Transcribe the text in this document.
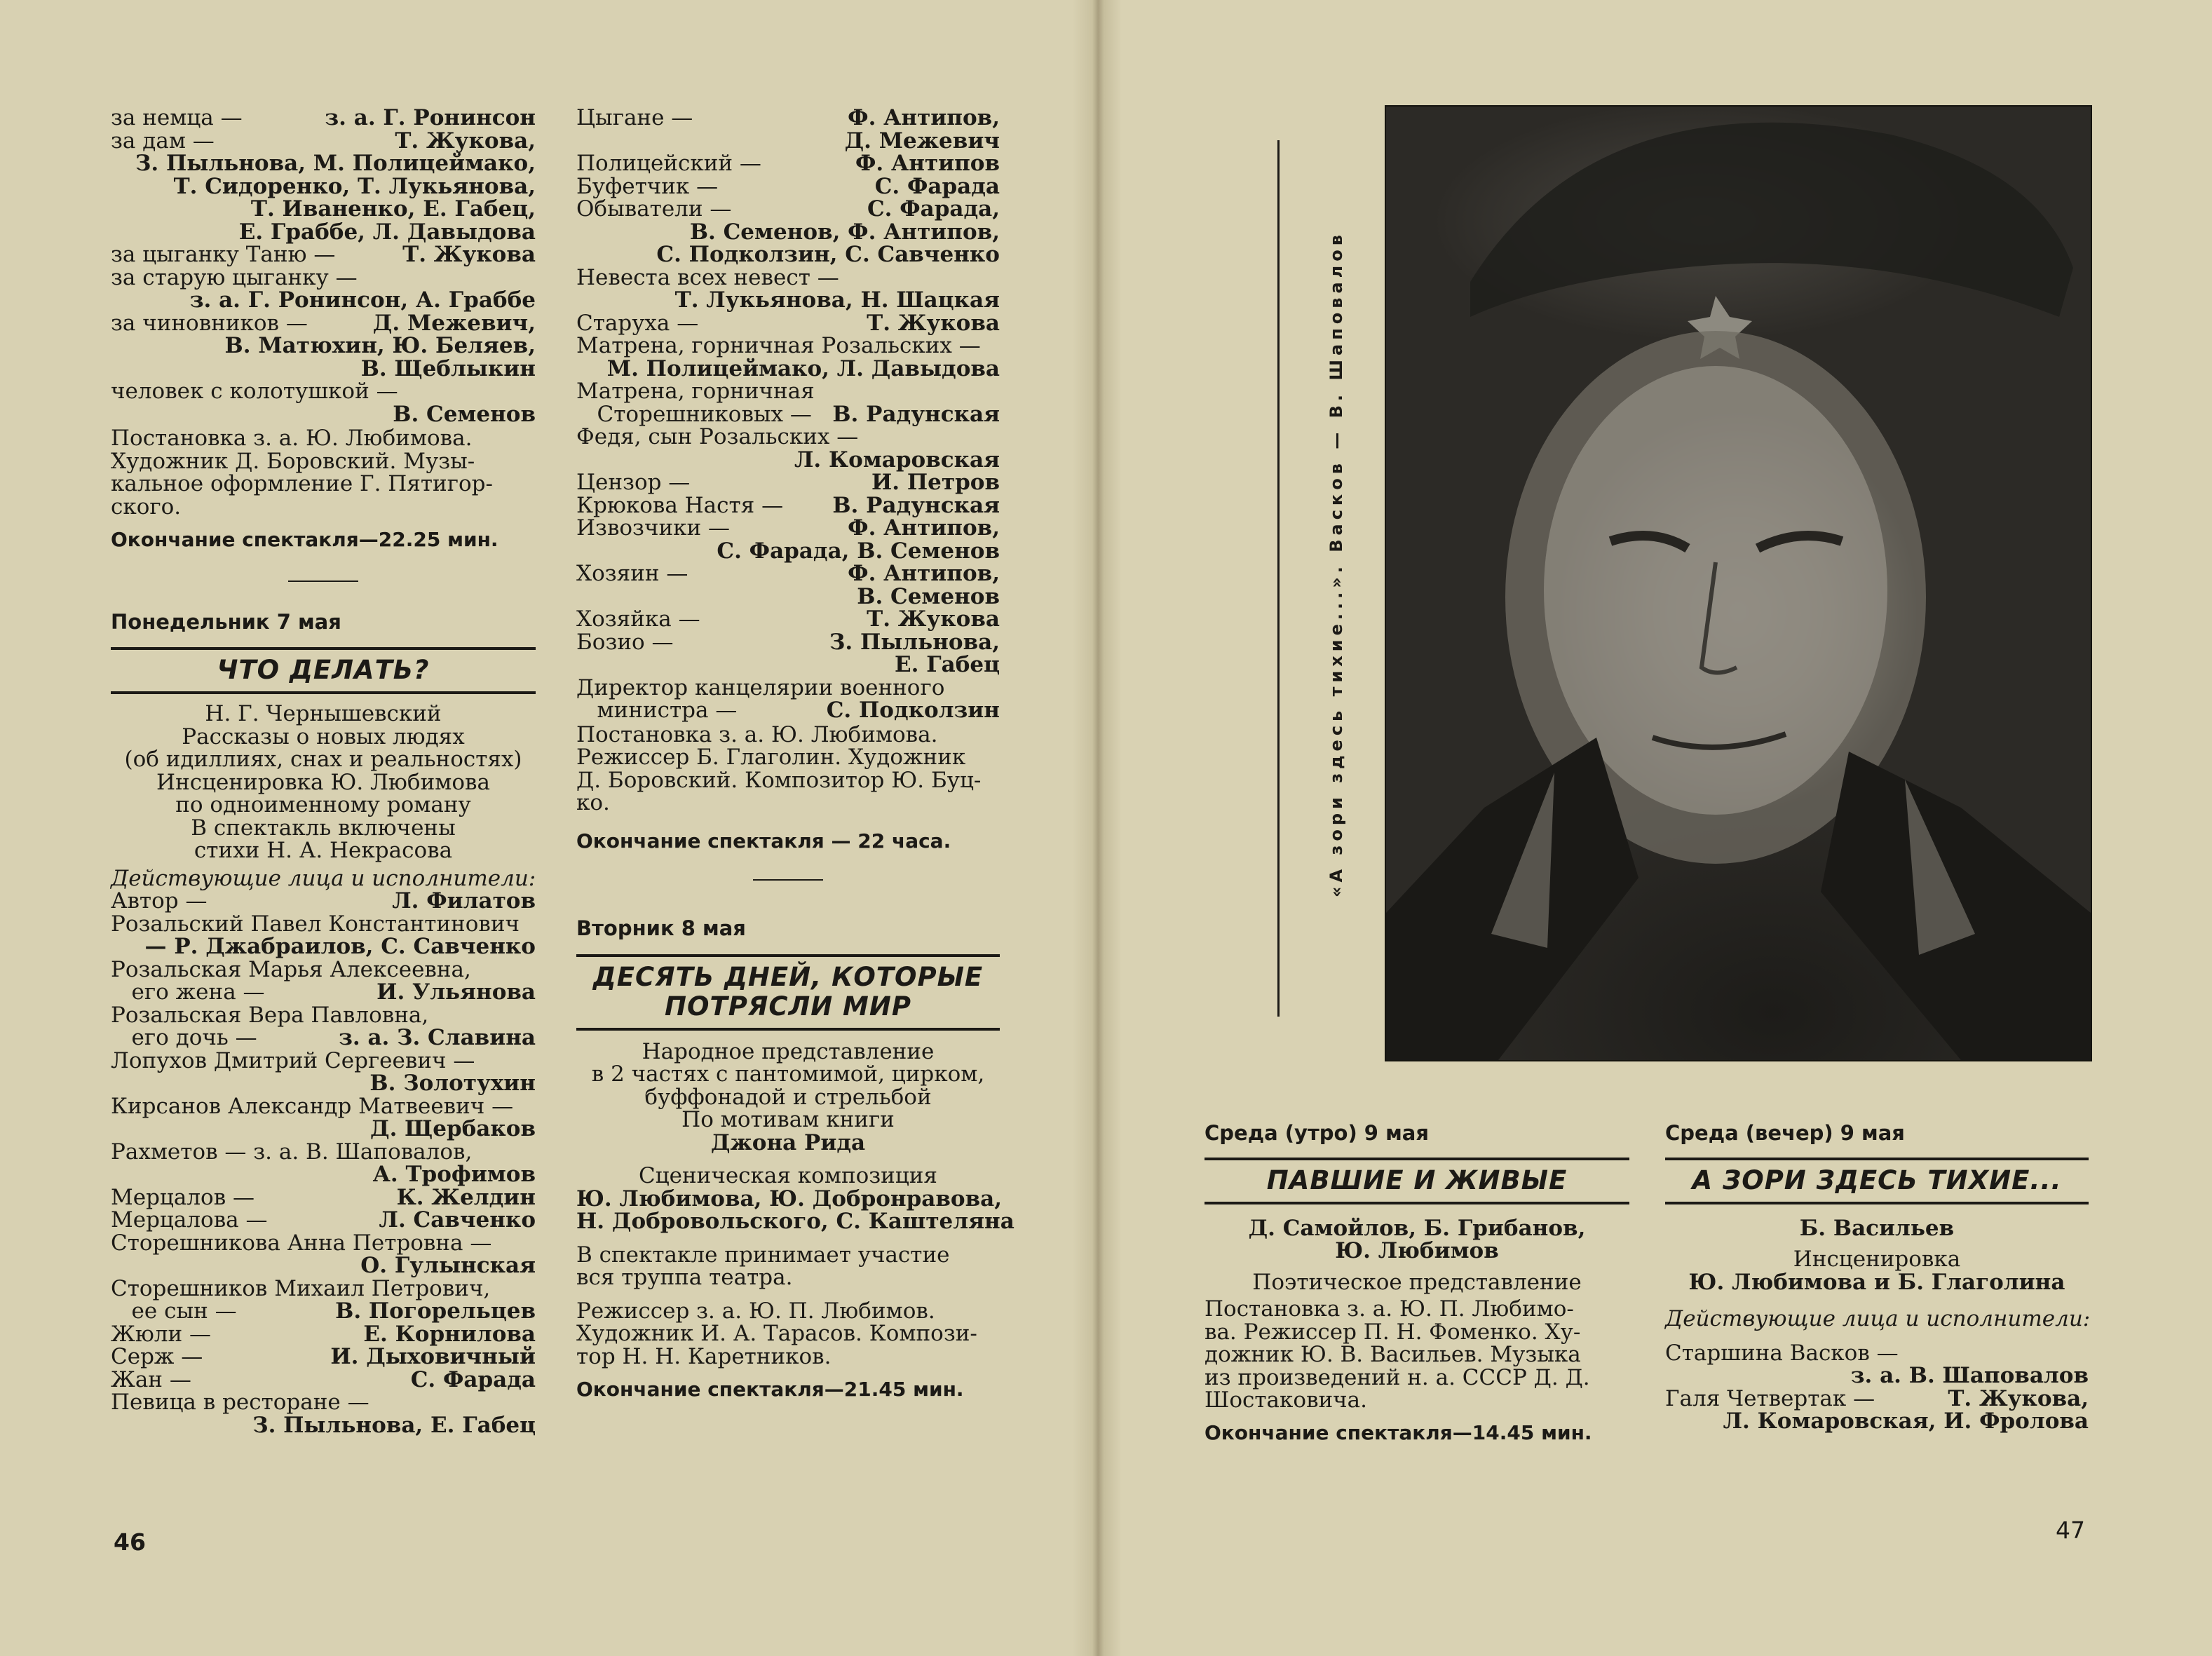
за немца —	з. а. Г. Ронинсон
за дам —	Т. Жукова,
З. Пыльнова, М. Полицеймако,
Т. Сидоренко, Т. Лукьянова,
Т. Иваненко, Е. Габец,
Е. Граббе, Л. Давыдова
за цыганку Таню —	Т. Жукова
за старую цыганку —
з. а. Г. Ронинсон, А. Граббе
за чиновников —	Д. Межевич,
В. Матюхин, Ю. Беляев,
В. Щеблыкин
человек с колотушкой —
В. Семенов
Постановка з. а. Ю. Любимова.
Художник Д. Боровский. Музы-
кальное оформление Г. Пятигор-
ского.
Окончание спектакля—22.25 мин.
Понедельник 7 мая
ЧТО ДЕЛАТЬ?
Н. Г. Чернышевский
Рассказы о новых людях
(об идиллиях, снах и реальностях)
Инсценировка Ю. Любимова
по одноименному роману
В спектакль включены
стихи Н. А. Некрасова
Действующие лица и исполнители:
Автор —	Л. Филатов
Розальский Павел Константинович
— Р. Джабраилов, С. Савченко
Розальская Марья Алексеевна,
его жена —	И. Ульянова
Розальская Вера Павловна,
его дочь —	з. а. З. Славина
Лопухов Дмитрий Сергеевич —
В. Золотухин
Кирсанов Александр Матвеевич —
Д. Щербаков
Рахметов — з. а. В. Шаповалов,
А. Трофимов
Мерцалов —	К. Желдин
Мерцалова —	Л. Савченко
Сторешникова Анна Петровна —
О. Гулынская
Сторешников Михаил Петрович,
ее сын —	В. Погорельцев
Жюли —	Е. Корнилова
Серж —	И. Дыховичный
Жан —	С. Фарада
Певица в ресторане —
З. Пыльнова, Е. Габец
Цыгане —	Ф. Антипов,
Д. Межевич
Полицейский —	Ф. Антипов
Буфетчик —	С. Фарада
Обыватели —	С. Фарада,
В. Семенов, Ф. Антипов,
С. Подколзин, С. Савченко
Невеста всех невест —
Т. Лукьянова, Н. Шацкая
Старуха —	Т. Жукова
Матрена, горничная Розальских —
М. Полицеймако, Л. Давыдова
Матрена, горничная
Сторешниковых — В. Радунская
Федя, сын Розальских —
Л. Комаровская
Цензор —	И. Петров
Крюкова Настя — В. Радунская
Извозчики —	Ф. Антипов,
С. Фарада, В. Семенов
Хозяин —	Ф. Антипов,
В. Семенов
Хозяйка —	Т. Жукова
Бозио —	З. Пыльнова,
Е. Габец
Директор канцелярии военного
министра —	С. Подколзин
Постановка з. а. Ю. Любимова.
Режиссер Б. Глаголин. Художник
Д. Боровский. Композитор Ю. Буц-
ко.
Окончание спектакля — 22 часа.
Вторник 8 мая
ДЕСЯТЬ ДНЕЙ, КОТОРЫЕ
ПОТРЯСЛИ МИР
Народное представление
в 2 частях с пантомимой, цирком,
буффонадой и стрельбой
По мотивам книги
Джона Рида
Сценическая композиция
Ю. Любимова, Ю. Добронравова,
Н. Добровольского, С. Каштеляна
В спектакле принимает участие
вся труппа театра.
Режиссер з. а. Ю. П. Любимов.
Художник И. А. Тарасов. Компози-
тор Н. Н. Каретников.
Окончание спектакля—21.45 мин.
46
«А зори здесь тихие...». Васков — В. Шаповалов
Среда (утро) 9 мая
ПАВШИЕ И ЖИВЫЕ
Д. Самойлов, Б. Грибанов,
Ю. Любимов
Поэтическое представление
Постановка з. а. Ю. П. Любимо-
ва. Режиссер П. Н. Фоменко. Ху-
дожник Ю. В. Васильев. Музыка
из произведений н. а. СССР Д. Д.
Шостаковича.
Окончание спектакля—14.45 мин.
Среда (вечер) 9 мая
А ЗОРИ ЗДЕСЬ ТИХИЕ...
Б. Васильев
Инсценировка
Ю. Любимова и Б. Глаголина
Действующие лица и исполнители:
Старшина Васков —
з. а. В. Шаповалов
Галя Четвертак —	Т. Жукова,
Л. Комаровская, И. Фролова
47
